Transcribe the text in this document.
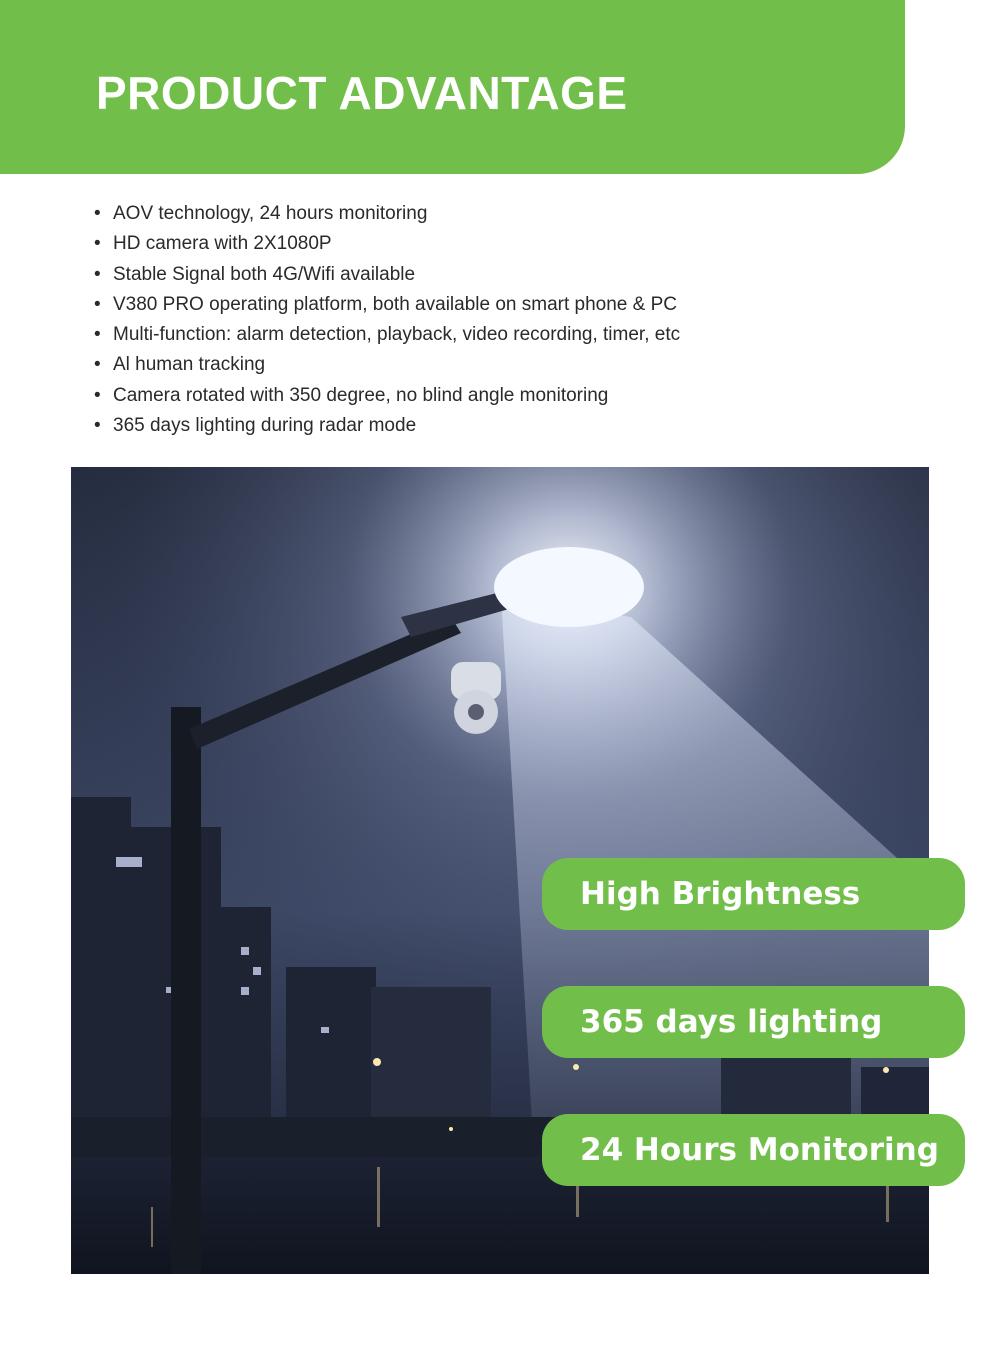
PRODUCT ADVANTAGE
• AOV technology, 24 hours monitoring
• HD camera with 2X1080P
• Stable Signal both 4G/Wifi available
• V380 PRO operating platform, both available on smart phone & PC
• Multi-function: alarm detection, playback, video recording, timer, etc
• Al human tracking
• Camera rotated with 350 degree, no blind angle monitoring
• 365 days lighting during radar mode
High Brightness
365 days lighting
24 Hours Monitoring
